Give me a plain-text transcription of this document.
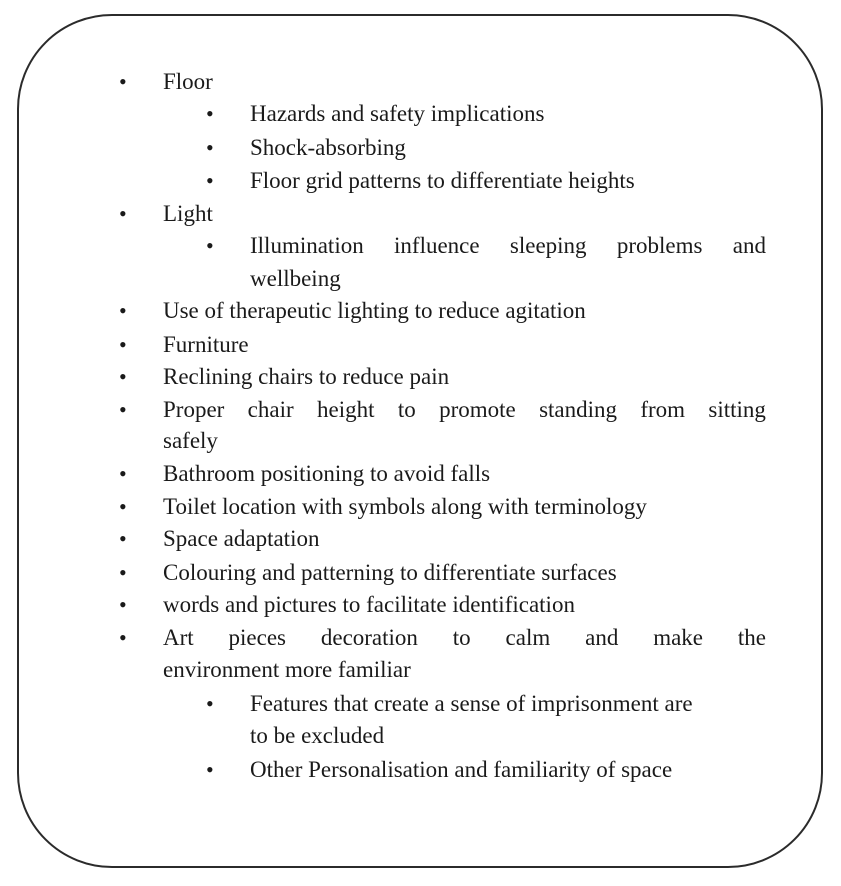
• Floor
• Hazards and safety implications
• Shock-absorbing
• Floor grid patterns to differentiate heights
• Light
• Illumination influence sleeping problems and
wellbeing
• Use of therapeutic lighting to reduce agitation
• Furniture
• Reclining chairs to reduce pain
• Proper chair height to promote standing from sitting
safely
• Bathroom positioning to avoid falls
• Toilet location with symbols along with terminology
• Space adaptation
• Colouring and patterning to differentiate surfaces
• words and pictures to facilitate identification
• Art pieces decoration to calm and make the
environment more familiar
• Features that create a sense of imprisonment are
to be excluded
• Other Personalisation and familiarity of space
